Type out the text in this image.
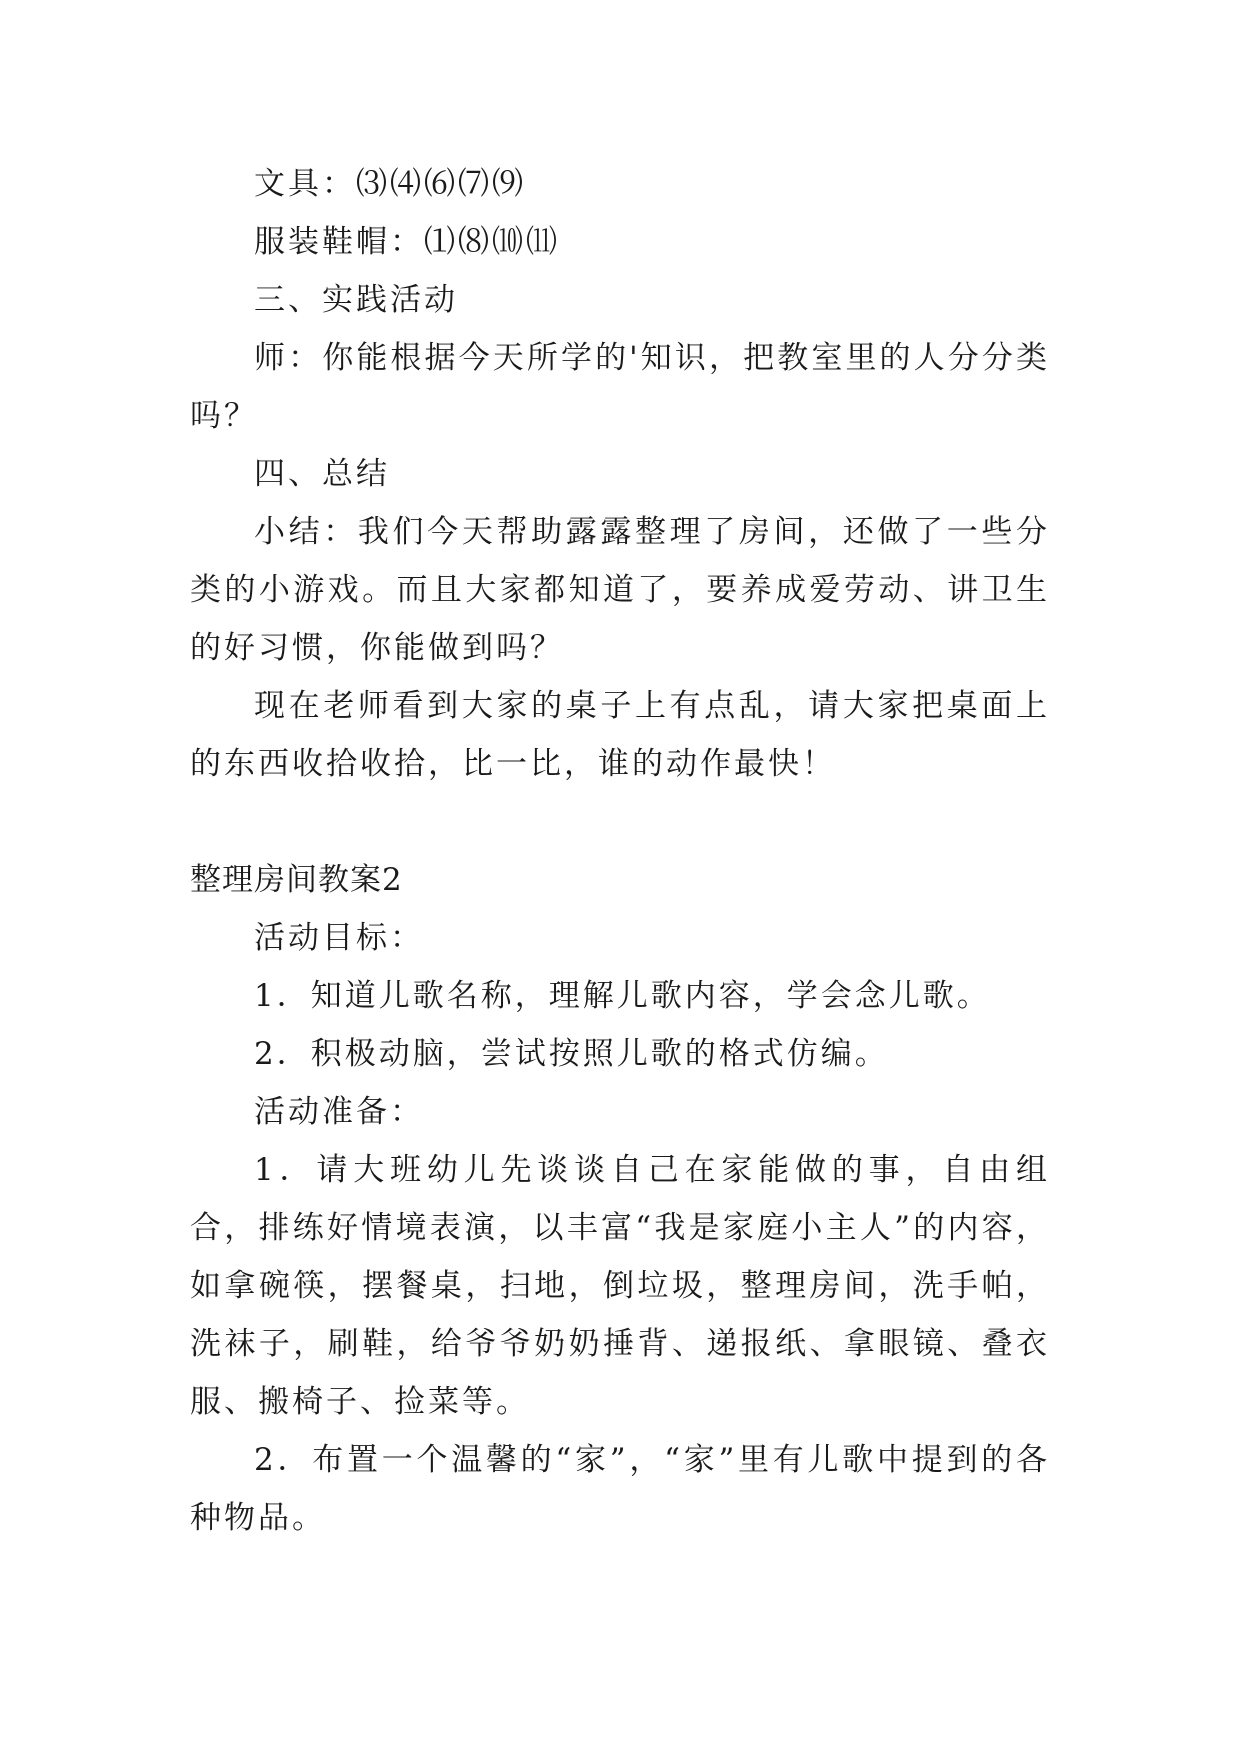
文具：⑶⑷⑹⑺⑼

服装鞋帽：⑴⑻⑽⑾

三、实践活动

师：你能根据今天所学的'知识，把教室里的人分分类吗？

四、总结

小结：我们今天帮助露露整理了房间，还做了一些分类的小游戏。而且大家都知道了，要养成爱劳动、讲卫生的好习惯，你能做到吗？

现在老师看到大家的桌子上有点乱，请大家把桌面上的东西收拾收拾，比一比，谁的动作最快！

整理房间教案2

活动目标：

1．知道儿歌名称，理解儿歌内容，学会念儿歌。

2．积极动脑，尝试按照儿歌的格式仿编。

活动准备：

1．请大班幼儿先谈谈自己在家能做的事，自由组合，排练好情境表演，以丰富“我是家庭小主人”的内容，如拿碗筷，摆餐桌，扫地，倒垃圾，整理房间，洗手帕，洗袜子，刷鞋，给爷爷奶奶捶背、递报纸、拿眼镜、叠衣服、搬椅子、捡菜等。

2．布置一个温馨的“家”，“家”里有儿歌中提到的各种物品。
